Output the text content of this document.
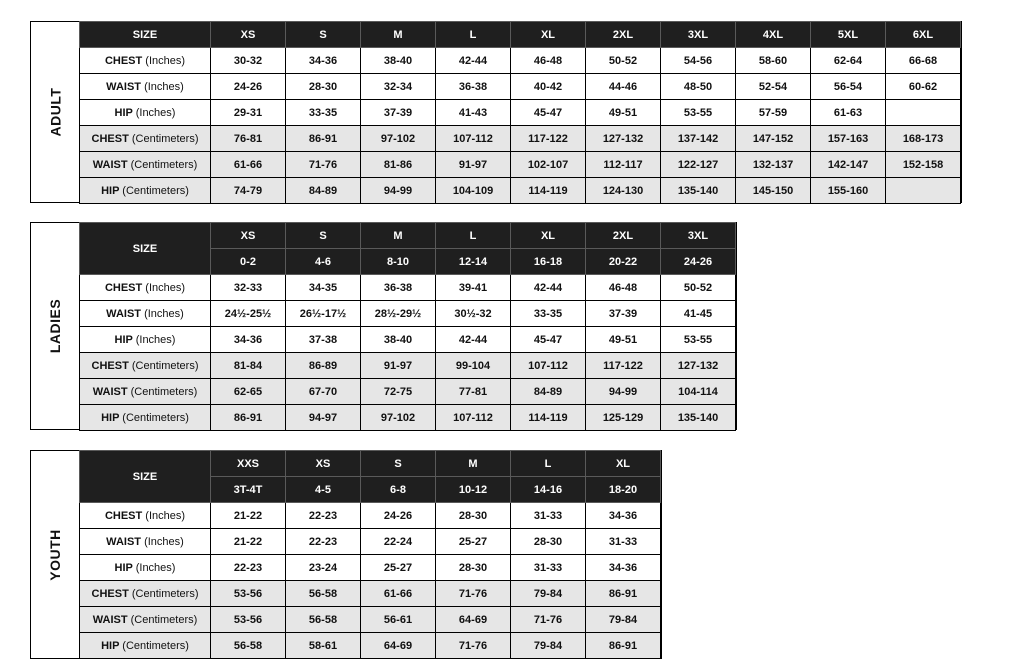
ADULT
SIZE	XS	S	M	L	XL	2XL	3XL	4XL	5XL	6XL
CHEST (Inches)	30-32	34-36	38-40	42-44	46-48	50-52	54-56	58-60	62-64	66-68
WAIST (Inches)	24-26	28-30	32-34	36-38	40-42	44-46	48-50	52-54	56-54	60-62
HIP (Inches)	29-31	33-35	37-39	41-43	45-47	49-51	53-55	57-59	61-63	
CHEST (Centimeters)	76-81	86-91	97-102	107-112	117-122	127-132	137-142	147-152	157-163	168-173
WAIST (Centimeters)	61-66	71-76	81-86	91-97	102-107	112-117	122-127	132-137	142-147	152-158
HIP (Centimeters)	74-79	84-89	94-99	104-109	114-119	124-130	135-140	145-150	155-160	
LADIES
SIZE	XS	S	M	L	XL	2XL	3XL
	0-2	4-6	8-10	12-14	16-18	20-22	24-26
CHEST (Inches)	32-33	34-35	36-38	39-41	42-44	46-48	50-52
WAIST (Inches)	24½-25½	26½-17½	28½-29½	30½-32	33-35	37-39	41-45
HIP (Inches)	34-36	37-38	38-40	42-44	45-47	49-51	53-55
CHEST (Centimeters)	81-84	86-89	91-97	99-104	107-112	117-122	127-132
WAIST (Centimeters)	62-65	67-70	72-75	77-81	84-89	94-99	104-114
HIP (Centimeters)	86-91	94-97	97-102	107-112	114-119	125-129	135-140
YOUTH
SIZE	XXS	XS	S	M	L	XL
	3T-4T	4-5	6-8	10-12	14-16	18-20
CHEST (Inches)	21-22	22-23	24-26	28-30	31-33	34-36
WAIST (Inches)	21-22	22-23	22-24	25-27	28-30	31-33
HIP (Inches)	22-23	23-24	25-27	28-30	31-33	34-36
CHEST (Centimeters)	53-56	56-58	61-66	71-76	79-84	86-91
WAIST (Centimeters)	53-56	56-58	56-61	64-69	71-76	79-84
HIP (Centimeters)	56-58	58-61	64-69	71-76	79-84	86-91
